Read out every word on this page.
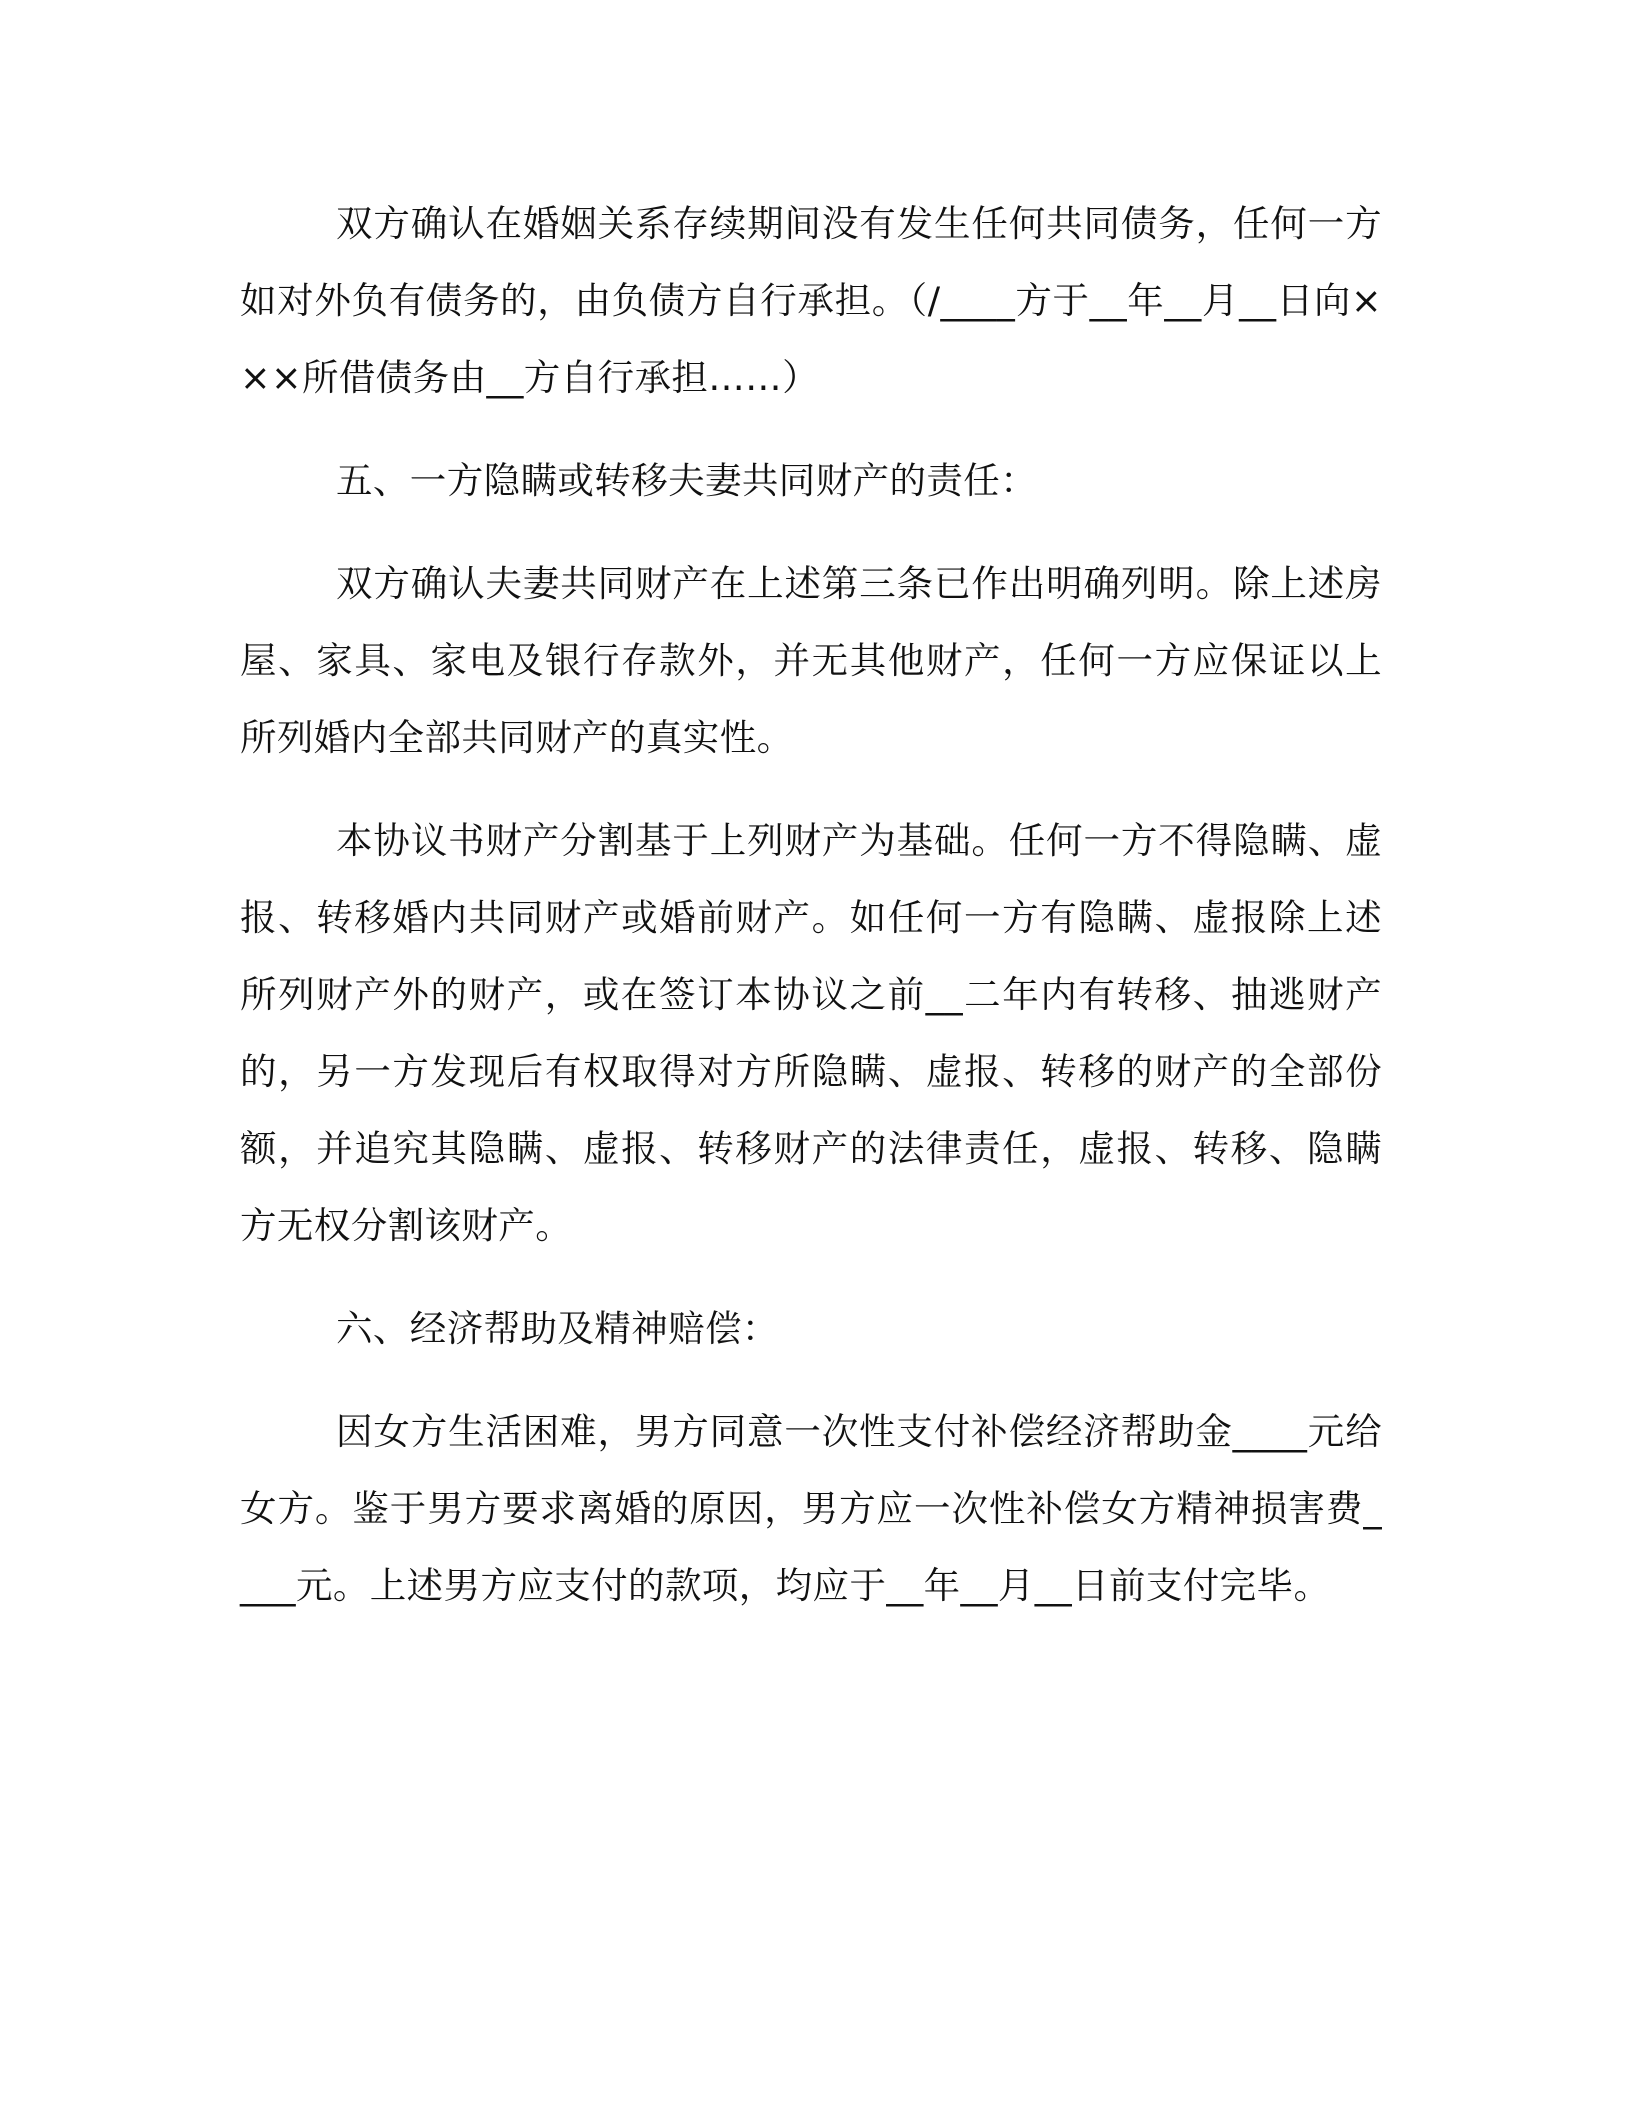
双方确认在婚姻关系存续期间没有发生任何共同债务，任何一方如对外负有债务的，由负债方自行承担。（/____方于__年__月__日向×××所借债务由__方自行承担……）

五、一方隐瞒或转移夫妻共同财产的责任：

双方确认夫妻共同财产在上述第三条已作出明确列明。除上述房屋、家具、家电及银行存款外，并无其他财产，任何一方应保证以上所列婚内全部共同财产的真实性。

本协议书财产分割基于上列财产为基础。任何一方不得隐瞒、虚报、转移婚内共同财产或婚前财产。如任何一方有隐瞒、虚报除上述所列财产外的财产，或在签订本协议之前__二年内有转移、抽逃财产的，另一方发现后有权取得对方所隐瞒、虚报、转移的财产的全部份额，并追究其隐瞒、虚报、转移财产的法律责任，虚报、转移、隐瞒方无权分割该财产。

六、经济帮助及精神赔偿：

因女方生活困难，男方同意一次性支付补偿经济帮助金____元给女方。鉴于男方要求离婚的原因，男方应一次性补偿女方精神损害费____元。上述男方应支付的款项，均应于__年__月__日前支付完毕。
